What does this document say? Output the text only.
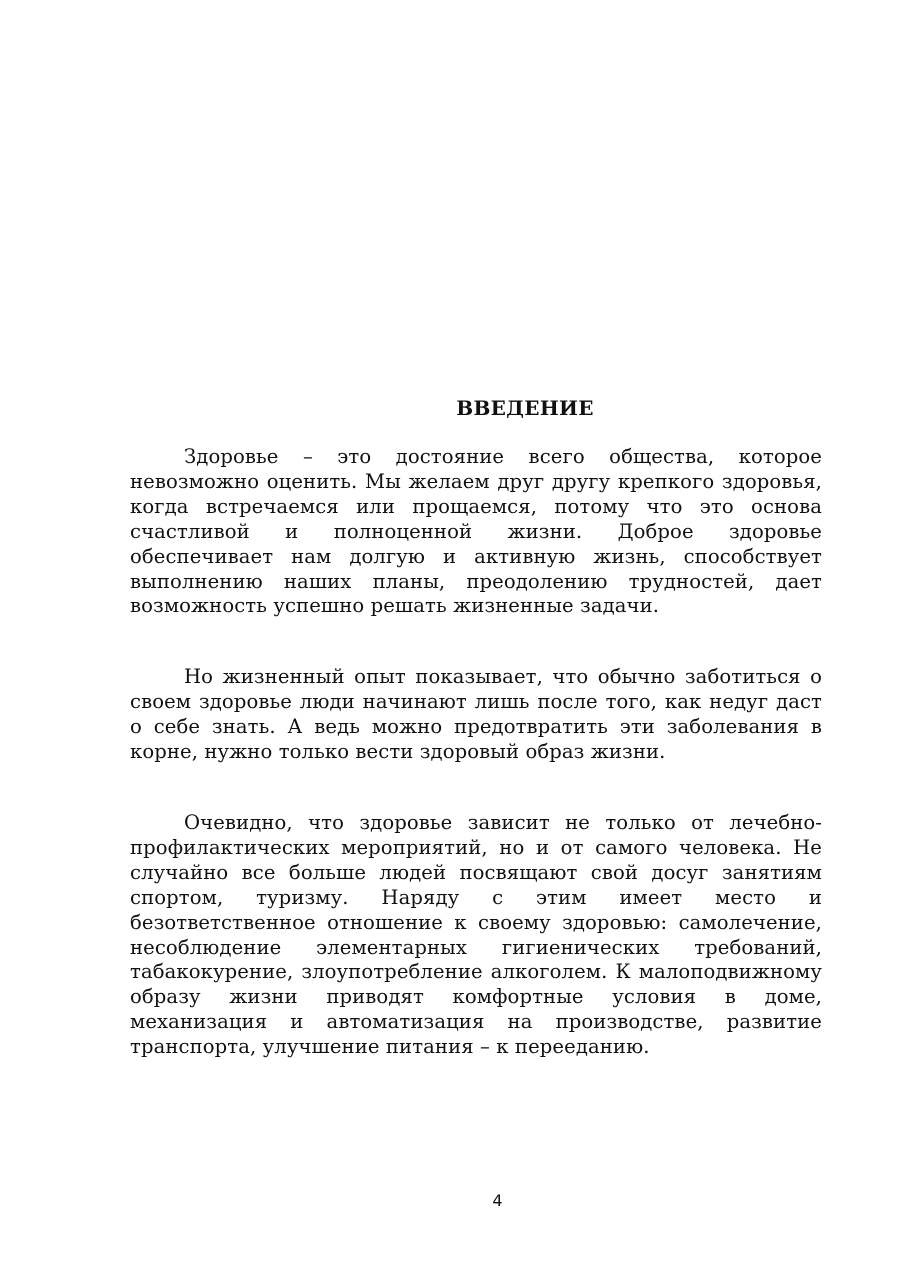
ВВЕДЕНИЕ

Здоровье – это достояние всего общества, которое невозможно оценить. Мы желаем друг другу крепкого здоровья, когда встречаемся или прощаемся, потому что это основа счастливой и полноценной жизни. Доброе здоровье обеспечивает нам долгую и активную жизнь, способствует выполнению наших планы, преодолению трудностей, дает возможность успешно решать жизненные задачи.

Но жизненный опыт показывает, что обычно заботиться о своем здоровье люди начинают лишь после того, как недуг даст о себе знать. А ведь можно предотвратить эти заболевания в корне, нужно только вести здоровый образ жизни.

Очевидно, что здоровье зависит не только от лечебно-профилактических мероприятий, но и от самого человека. Не случайно все больше людей посвящают свой досуг занятиям спортом, туризму. Наряду с этим имеет место и безответственное отношение к своему здоровью: самолечение, несоблюдение элементарных гигиенических требований, табакокурение, злоупотребление алкоголем. К малоподвижному образу жизни приводят комфортные условия в доме, механизация и автоматизация на производстве, развитие транспорта, улучшение питания – к перееданию.

4
